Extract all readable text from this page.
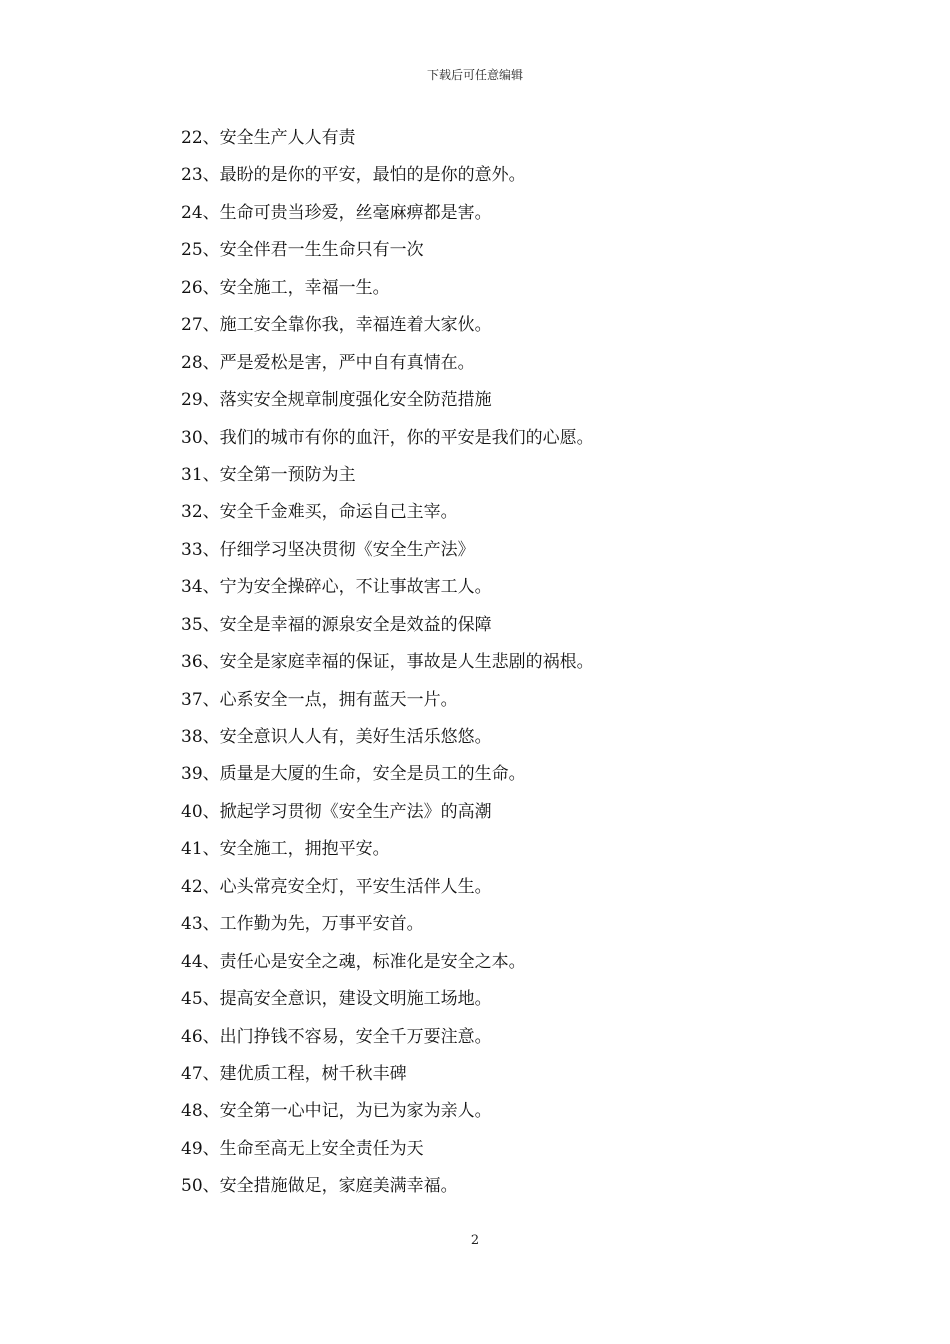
下载后可任意编辑
22、安全生产人人有责
23、最盼的是你的平安，最怕的是你的意外。
24、生命可贵当珍爱，丝毫麻痹都是害。
25、安全伴君一生生命只有一次
26、安全施工，幸福一生。
27、施工安全靠你我，幸福连着大家伙。
28、严是爱松是害，严中自有真情在。
29、落实安全规章制度强化安全防范措施
30、我们的城市有你的血汗，你的平安是我们的心愿。
31、安全第一预防为主
32、安全千金难买，命运自己主宰。
33、仔细学习坚决贯彻《安全生产法》
34、宁为安全操碎心，不让事故害工人。
35、安全是幸福的源泉安全是效益的保障
36、安全是家庭幸福的保证，事故是人生悲剧的祸根。
37、心系安全一点，拥有蓝天一片。
38、安全意识人人有，美好生活乐悠悠。
39、质量是大厦的生命，安全是员工的生命。
40、掀起学习贯彻《安全生产法》的高潮
41、安全施工，拥抱平安。
42、心头常亮安全灯，平安生活伴人生。
43、工作勤为先，万事平安首。
44、责任心是安全之魂，标准化是安全之本。
45、提高安全意识，建设文明施工场地。
46、出门挣钱不容易，安全千万要注意。
47、建优质工程，树千秋丰碑
48、安全第一心中记，为已为家为亲人。
49、生命至高无上安全责任为天
50、安全措施做足，家庭美满幸福。
2
